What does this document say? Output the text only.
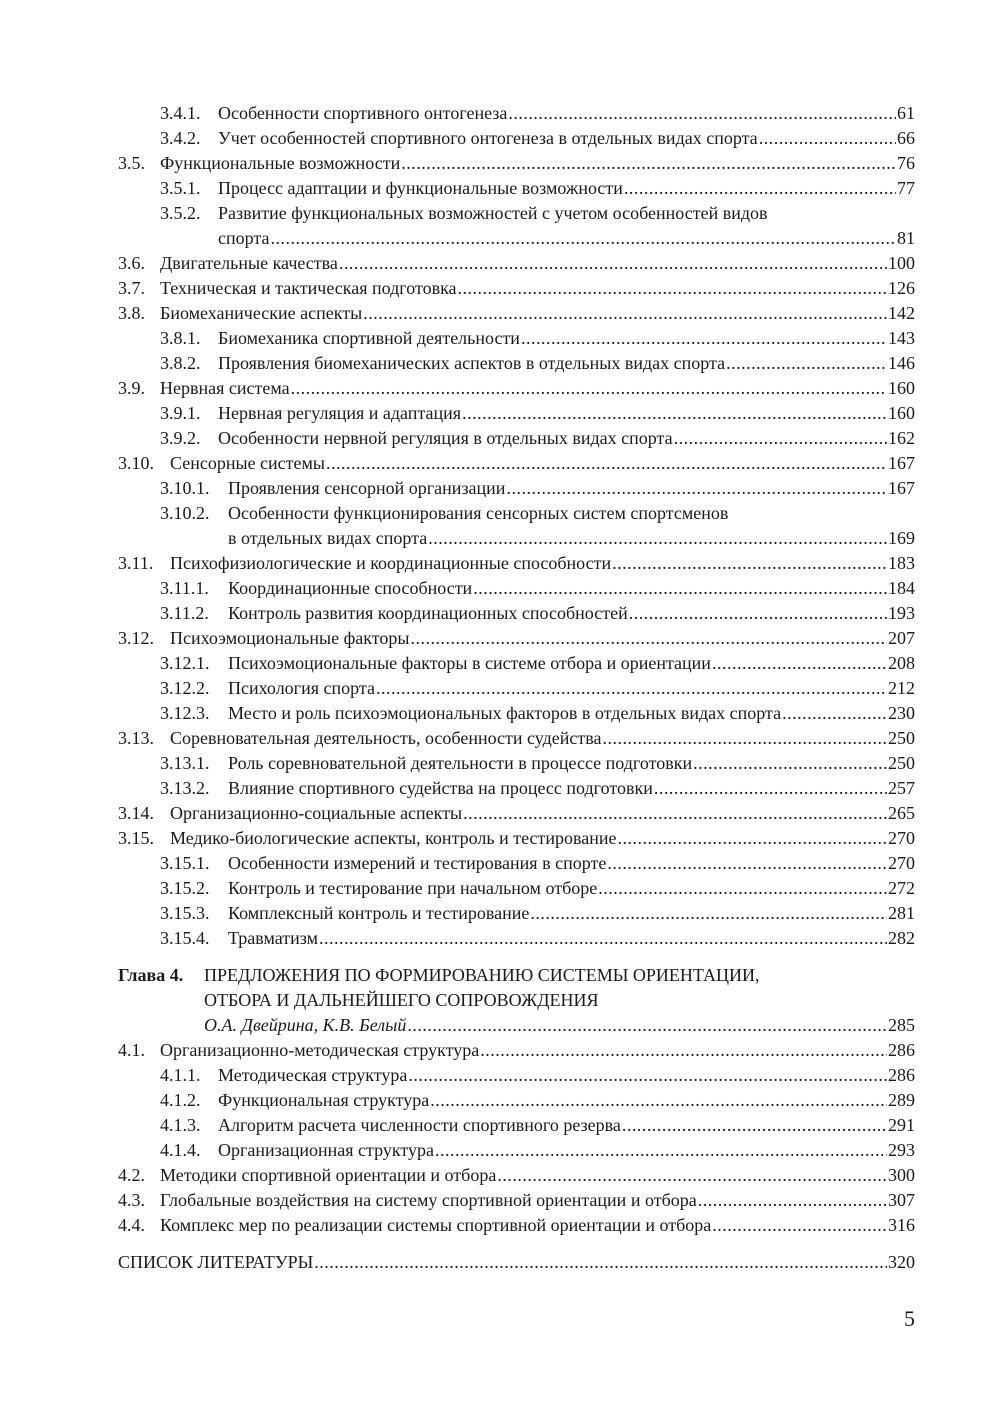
3.4.1. Особенности спортивного онтогенеза .....	61
3.4.2. Учет особенностей спортивного онтогенеза в отдельных видах спорта .....	66
3.5. Функциональные возможности .....	76
3.5.1. Процесс адаптации и функциональные возможности .....	77
3.5.2. Развитие функциональных возможностей с учетом особенностей видов
спорта .....	81
3.6. Двигательные качества .....	100
3.7. Техническая и тактическая подготовка .....	126
3.8. Биомеханические аспекты .....	142
3.8.1. Биомеханика спортивной деятельности .....	143
3.8.2. Проявления биомеханических аспектов в отдельных видах спорта .....	146
3.9. Нервная система .....	160
3.9.1. Нервная регуляция и адаптация .....	160
3.9.2. Особенности нервной регуляция в отдельных видах спорта .....	162
3.10. Сенсорные системы .....	167
3.10.1.	Проявления сенсорной организации .....	167
3.10.2.	Особенности функционирования сенсорных систем спортсменов
в отдельных видах спорта .....	169
3.11. Психофизиологические и координационные способности .....	183
3.11.1.	Координационные способности .....	184
3.11.2.	Контроль развития координационных способностей .....	193
3.12. Психоэмоциональные факторы .....	207
3.12.1.	Психоэмоциональные факторы в системе отбора и ориентации .....	208
3.12.2.	Психология спорта .....	212
3.12.3.	Место и роль психоэмоциональных факторов в отдельных видах спорта .....	230
3.13. Соревновательная деятельность, особенности судейства .....	250
3.13.1.	Роль соревновательной деятельности в процессе подготовки .....	250
3.13.2.	Влияние спортивного судейства на процесс подготовки .....	257
3.14. Организационно-социальные аспекты .....	265
3.15. Медико-биологические аспекты, контроль и тестирование .....	270
3.15.1.	Особенности измерений и тестирования в спорте .....	270
3.15.2.	Контроль и тестирование при начальном отборе .....	272
3.15.3.	Комплексный контроль и тестирование .....	281
3.15.4.	Травматизм .....	282
Глава 4.	ПРЕДЛОЖЕНИЯ ПО ФОРМИРОВАНИЮ СИСТЕМЫ ОРИЕНТАЦИИ,
ОТБОРА И ДАЛЬНЕЙШЕГО СОПРОВОЖДЕНИЯ
О.А. Двейрина, К.В. Белый .....	285
4.1. Организационно-методическая структура .....	286
4.1.1. Методическая структура .....	286
4.1.2. Функциональная структура .....	289
4.1.3. Алгоритм расчета численности спортивного резерва .....	291
4.1.4. Организационная структура .....	293
4.2. Методики спортивной ориентации и отбора .....	300
4.3. Глобальные воздействия на систему спортивной ориентации и отбора .....	307
4.4. Комплекс мер по реализации системы спортивной ориентации и отбора .....	316
СПИСОК ЛИТЕРАТУРЫ .....	320
5
